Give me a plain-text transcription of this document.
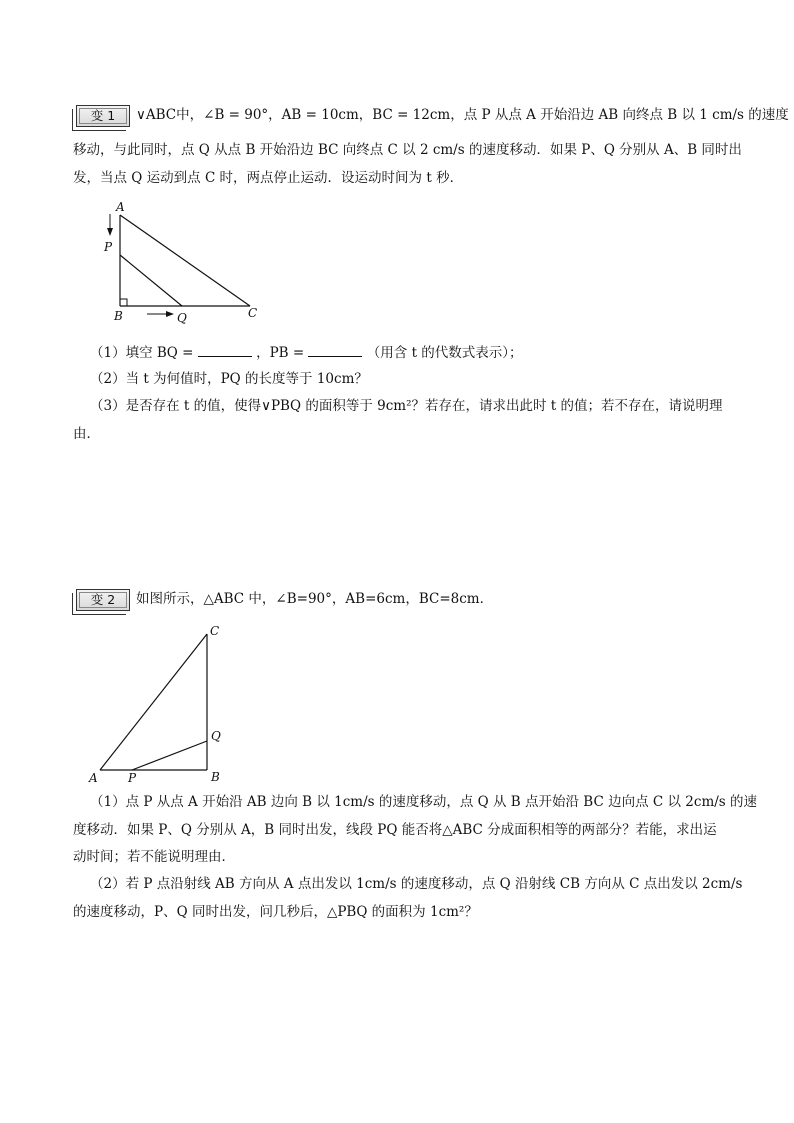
变 1	∨ABC中，∠B = 90°，AB = 10cm，BC = 12cm，点 P 从点 A 开始沿边 AB 向终点 B 以 1 cm/s 的速度
移动，与此同时，点 Q 从点 B 开始沿边 BC 向终点 C 以 2 cm/s 的速度移动．如果 P、Q 分别从 A、B 同时出
发，当点 Q 运动到点 C 时，两点停止运动．设运动时间为 t 秒．
A
P
B	Q	C
（1）填空 BQ =	，PB =	（用含 t 的代数式表示）；
（2）当 t 为何值时，PQ 的长度等于 10cm？
（3）是否存在 t 的值，使得∨PBQ 的面积等于 9cm²？若存在，请求出此时 t 的值；若不存在，请说明理
由．
变 2	如图所示，△ABC 中，∠B=90°，AB=6cm，BC=8cm．
C
Q
A	P	B
（1）点 P 从点 A 开始沿 AB 边向 B 以 1cm/s 的速度移动，点 Q 从 B 点开始沿 BC 边向点 C 以 2cm/s 的速
度移动．如果 P、Q 分别从 A，B 同时出发，线段 PQ 能否将△ABC 分成面积相等的两部分？若能，求出运
动时间；若不能说明理由．
（2）若 P 点沿射线 AB 方向从 A 点出发以 1cm/s 的速度移动，点 Q 沿射线 CB 方向从 C 点出发以 2cm/s
的速度移动，P、Q 同时出发，问几秒后，△PBQ 的面积为 1cm²？
